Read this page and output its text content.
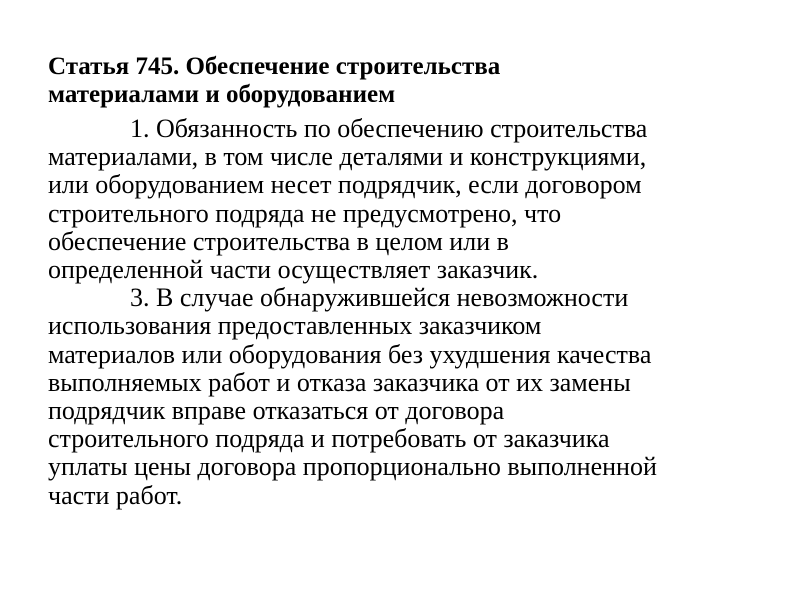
Статья 745. Обеспечение строительства
материалами и оборудованием
1. Обязанность по обеспечению строительства
материалами, в том числе деталями и конструкциями,
или оборудованием несет подрядчик, если договором
строительного подряда не предусмотрено, что
обеспечение строительства в целом или в
определенной части осуществляет заказчик.
3. В случае обнаружившейся невозможности
использования предоставленных заказчиком
материалов или оборудования без ухудшения качества
выполняемых работ и отказа заказчика от их замены
подрядчик вправе отказаться от договора
строительного подряда и потребовать от заказчика
уплаты цены договора пропорционально выполненной
части работ.
